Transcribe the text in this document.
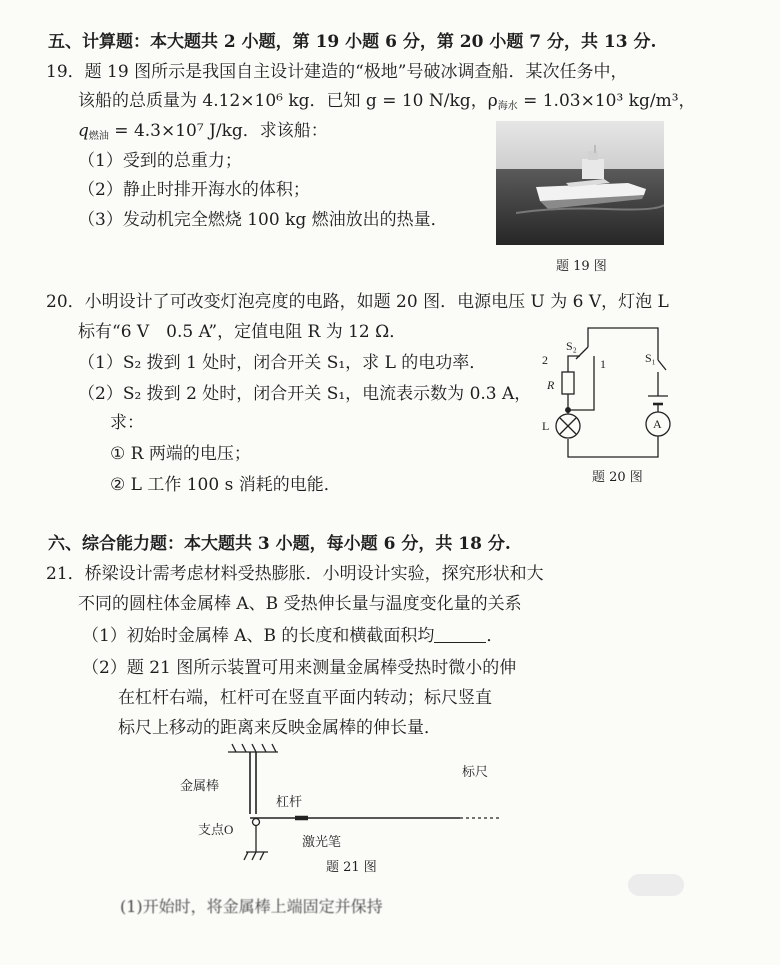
五、计算题：本大题共 2 小题，第 19 小题 6 分，第 20 小题 7 分，共 13 分.
19．题 19 图所示是我国自主设计建造的“极地”号破冰调查船．某次任务中，
该船的总质量为 4.12×10⁶ kg．已知 g = 10 N/kg，$\rho_{海水} = 1.03\times 10^3$ kg/m³，
$q_{燃油} = 4.3\times 10^7$ J/kg．求该船：
（1）受到的总重力；
（2）静止时排开海水的体积；
（3）发动机完全燃烧 100 kg 燃油放出的热量．
题 19 图
20．小明设计了可改变灯泡亮度的电路，如题 20 图．电源电压 U 为 6 V，灯泡 L
标有“6 V　0.5 A”，定值电阻 R 为 12 Ω．
（1）S₂ 拨到 1 处时，闭合开关 S₁，求 L 的电功率．
（2）S₂ 拨到 2 处时，闭合开关 S₁，电流表示数为 0.3 A，
求：
① R 两端的电压；
② L 工作 100 s 消耗的电能．
S₂
S₁
2	1
R
L	A
题 20 图
六、综合能力题：本大题共 3 小题，每小题 6 分，共 18 分.
21．桥梁设计需考虑材料受热膨胀．小明设计实验，探究形状和大
不同的圆柱体金属棒 A、B 受热伸长量与温度变化量的关系
（1）初始时金属棒 A、B 的长度和横截面积均	．
（2）题 21 图所示装置可用来测量金属棒受热时微小的伸
在杠杆右端，杠杆可在竖直平面内转动；标尺竖直
标尺上移动的距离来反映金属棒的伸长量．
金属棒
杠杆
支点O
激光笔
标尺
题 21 图
(1)开始时，将金属棒上端固定并保持
